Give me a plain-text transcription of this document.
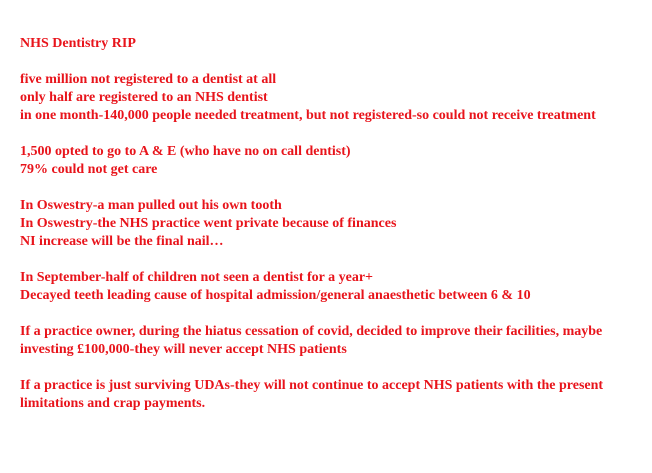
NHS Dentistry RIP
five million not registered to a dentist at all
only half are registered to an NHS dentist
in one month-140,000 people needed treatment, but not registered-so could not receive treatment
1,500 opted to go to A & E (who have no on call dentist)
79% could not get care
In Oswestry-a man pulled out his own tooth
In Oswestry-the NHS practice went private because of finances
NI increase will be the final nail…
In September-half of children not seen a dentist for a year+
Decayed teeth leading cause of hospital admission/general anaesthetic between 6 & 10
If a practice owner, during the hiatus cessation of covid, decided to improve their facilities, maybe investing £100,000-they will never accept NHS patients
If a practice is just surviving UDAs-they will not continue to accept NHS patients with the present limitations and crap payments.
